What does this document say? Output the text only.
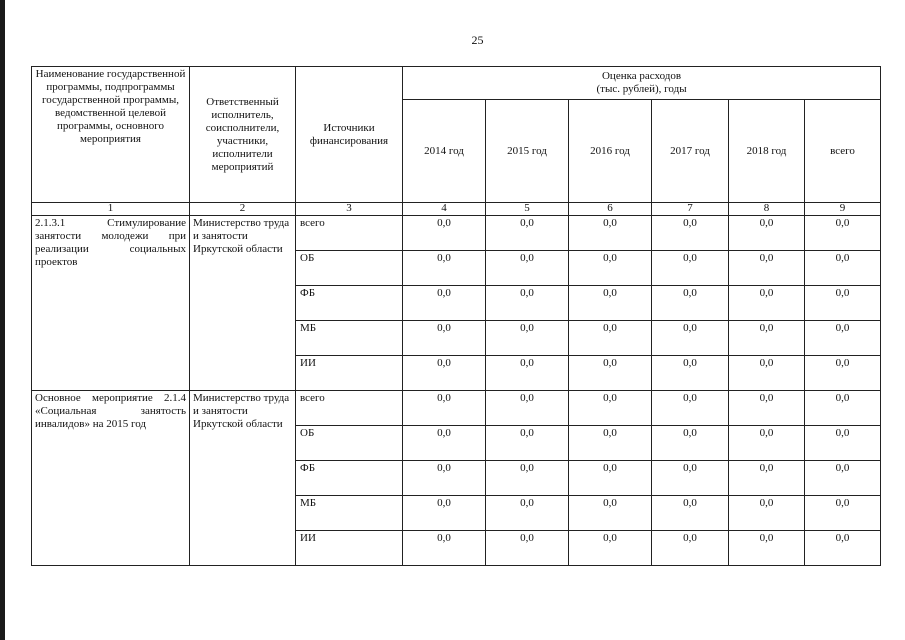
25
Наименование государственной программы, подпрограммы государственной программы, ведомственной целевой программы, основного мероприятия	Ответственный исполнитель, соисполнители, участники, исполнители мероприятий	Источники финансирования	Оценка расходов
(тыс. рублей), годы					

			2014 год	2015 год	2016 год	2017 год	2018 год	всего
1	2	3	4	5	6	7	8	9
2.1.3.1 Стимулирование занятости молодежи при реализации социальных проектов	Министерство труда и занятости Иркутской области	всего	0,0	0,0	0,0	0,0	0,0	0,0
		ОБ	0,0	0,0	0,0	0,0	0,0	0,0
		ФБ	0,0	0,0	0,0	0,0	0,0	0,0
		МБ	0,0	0,0	0,0	0,0	0,0	0,0
		ИИ	0,0	0,0	0,0	0,0	0,0	0,0
Основное мероприятие 2.1.4 «Социальная занятость инвалидов» на 2015 год	Министерство труда и занятости Иркутской области	всего	0,0	0,0	0,0	0,0	0,0	0,0
		ОБ	0,0	0,0	0,0	0,0	0,0	0,0
		ФБ	0,0	0,0	0,0	0,0	0,0	0,0
		МБ	0,0	0,0	0,0	0,0	0,0	0,0
		ИИ	0,0	0,0	0,0	0,0	0,0	0,0
